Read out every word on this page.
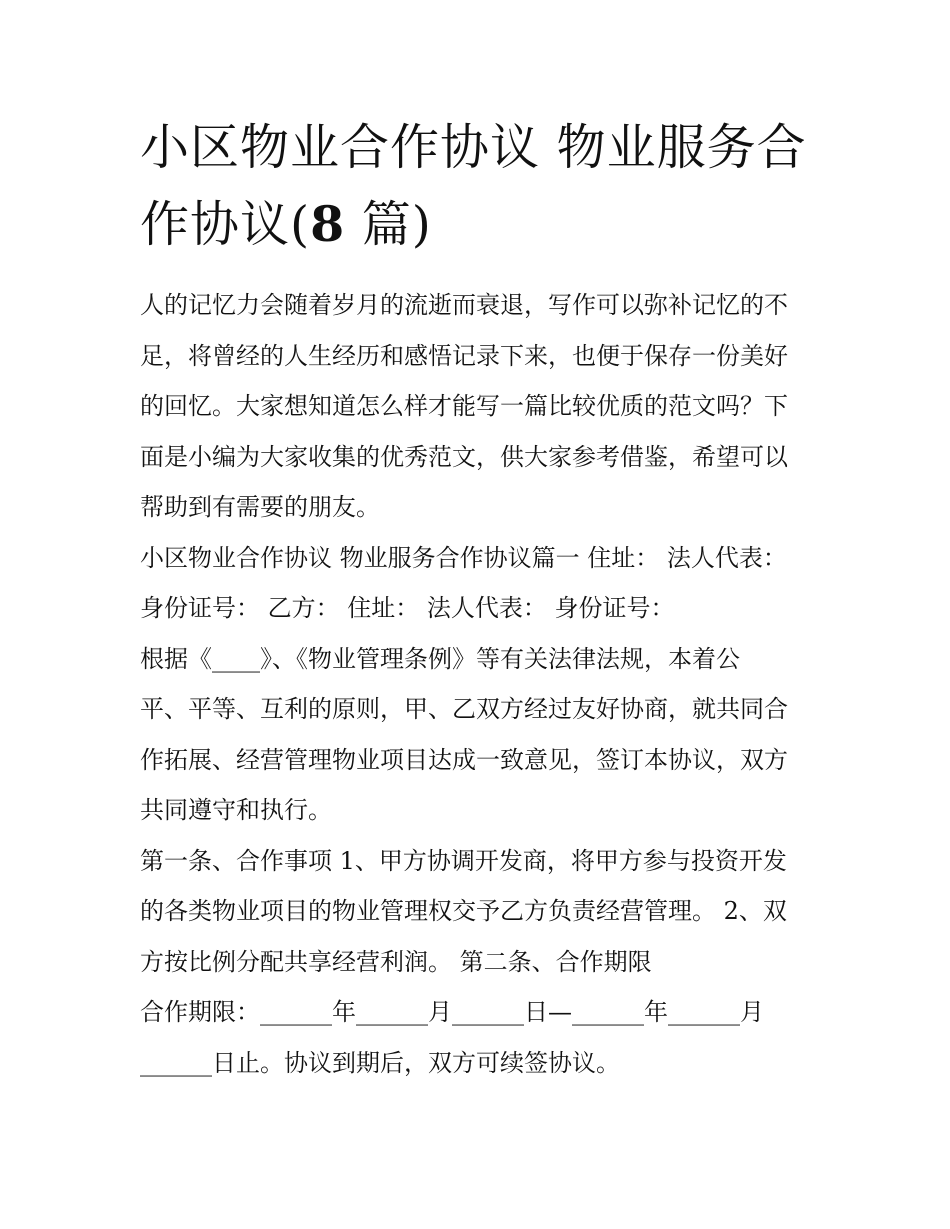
小区物业合作协议 物业服务合
作协议(8 篇)

人的记忆力会随着岁月的流逝而衰退，写作可以弥补记忆的不
足，将曾经的人生经历和感悟记录下来，也便于保存一份美好
的回忆。大家想知道怎么样才能写一篇比较优质的范文吗？下
面是小编为大家收集的优秀范文，供大家参考借鉴，希望可以
帮助到有需要的朋友。

小区物业合作协议 物业服务合作协议篇一 住址： 法人代表：
身份证号： 乙方： 住址： 法人代表： 身份证号：

根据《____》、《物业管理条例》等有关法律法规，本着公
平、平等、互利的原则，甲、乙双方经过友好协商，就共同合
作拓展、经营管理物业项目达成一致意见，签订本协议，双方
共同遵守和执行。

第一条、合作事项 1、甲方协调开发商，将甲方参与投资开发
的各类物业项目的物业管理权交予乙方负责经营管理。 2、双
方按比例分配共享经营利润。 第二条、合作期限

合作期限：______年______月______日—______年______月
______日止。协议到期后，双方可续签协议。
